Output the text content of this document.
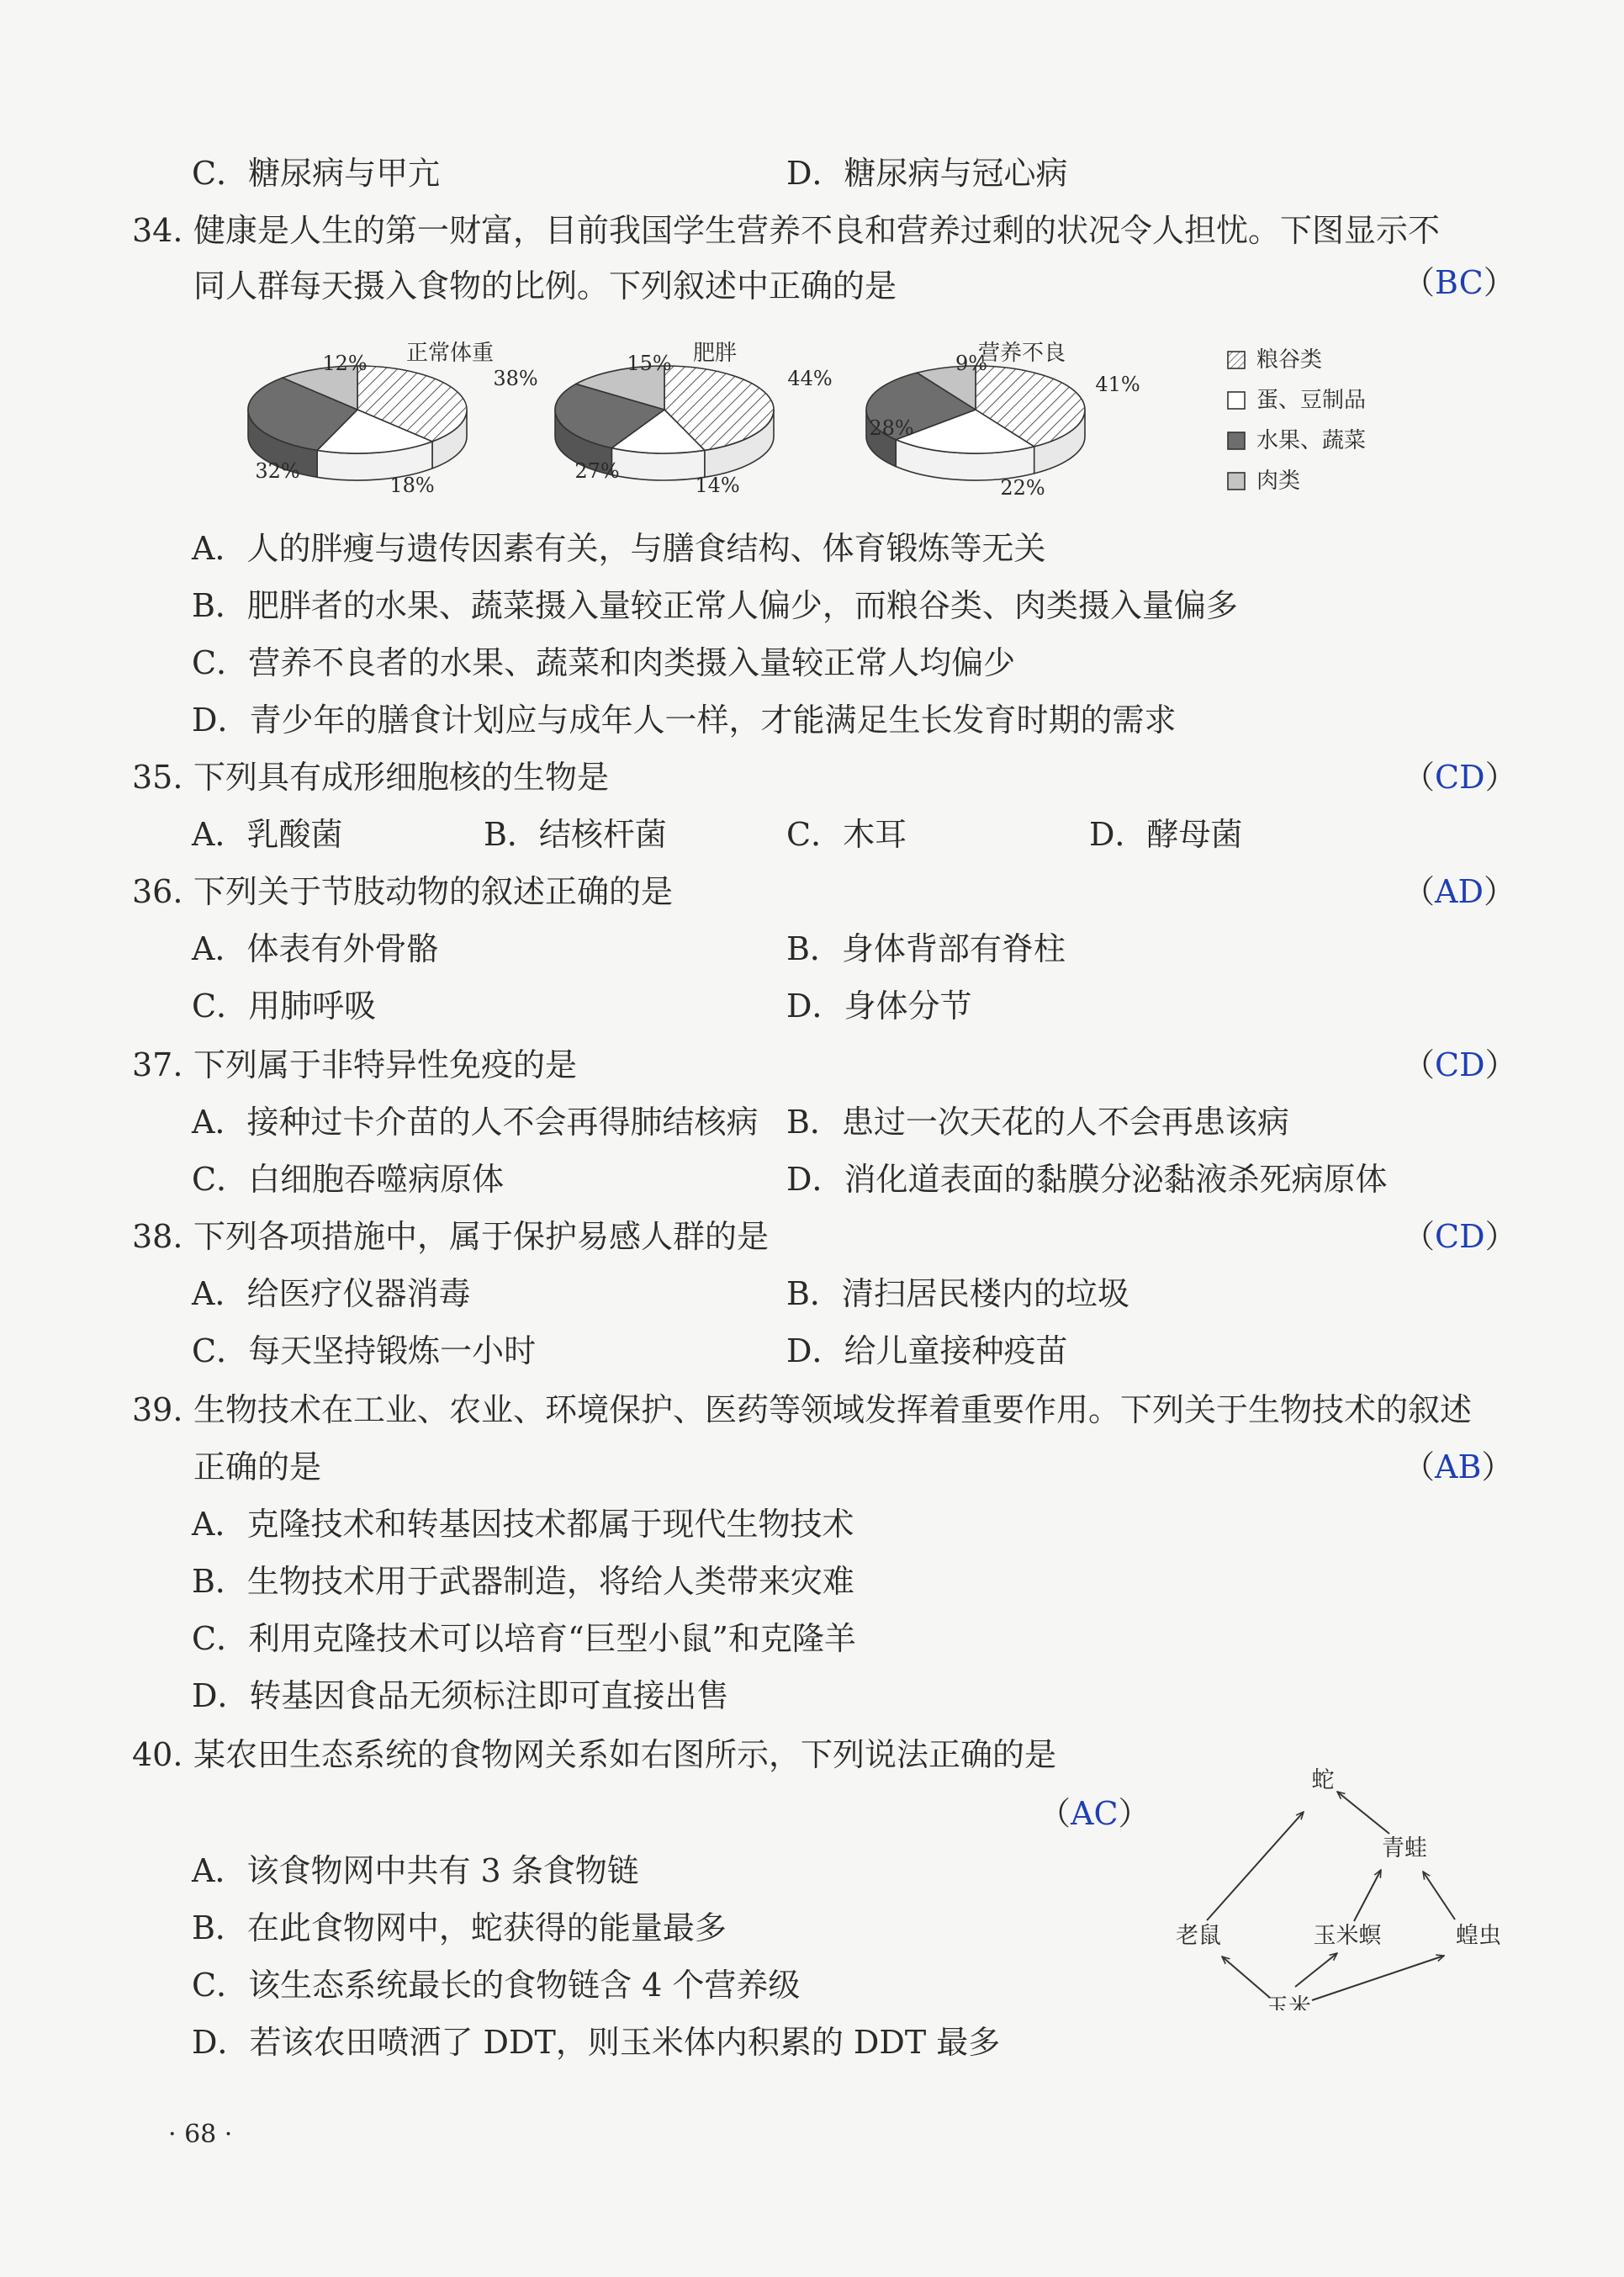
C．糖尿病与甲亢	D．糖尿病与冠心病
34. 健康是人生的第一财富，目前我国学生营养不良和营养过剩的状况令人担忧。下图显示不
同人群每天摄入食物的比例。下列叙述中正确的是	（BC）
正常体重
38%
18%
32%
12%	肥胖
44%
14%
27%
15%	营养不良
41%
22%
28%
9%	粮谷类
蛋、豆制品
水果、蔬菜
肉类
A．人的胖瘦与遗传因素有关，与膳食结构、体育锻炼等无关
B．肥胖者的水果、蔬菜摄入量较正常人偏少，而粮谷类、肉类摄入量偏多
C．营养不良者的水果、蔬菜和肉类摄入量较正常人均偏少
D．青少年的膳食计划应与成年人一样，才能满足生长发育时期的需求
35. 下列具有成形细胞核的生物是	（CD）
A．乳酸菌	B．结核杆菌	C．木耳	D．酵母菌
36. 下列关于节肢动物的叙述正确的是	（AD）
A．体表有外骨骼	B．身体背部有脊柱
C．用肺呼吸	D．身体分节
37. 下列属于非特异性免疫的是	（CD）
A．接种过卡介苗的人不会再得肺结核病 B．患过一次天花的人不会再患该病
C．白细胞吞噬病原体	D．消化道表面的黏膜分泌黏液杀死病原体
38. 下列各项措施中，属于保护易感人群的是	（CD）
A．给医疗仪器消毒	B．清扫居民楼内的垃圾
C．每天坚持锻炼一小时	D．给儿童接种疫苗
39. 生物技术在工业、农业、环境保护、医药等领域发挥着重要作用。下列关于生物技术的叙述
正确的是	（AB）
A．克隆技术和转基因技术都属于现代生物技术
B．生物技术用于武器制造，将给人类带来灾难
C．利用克隆技术可以培育“巨型小鼠”和克隆羊
D．转基因食品无须标注即可直接出售
40. 某农田生态系统的食物网关系如右图所示，下列说法正确的是
（AC）
A．该食物网中共有 3 条食物链
B．在此食物网中，蛇获得的能量最多
C．该生态系统最长的食物链含 4 个营养级
D．若该农田喷洒了 DDT，则玉米体内积累的 DDT 最多
蛇
青蛙
老鼠	玉米螟	蝗虫
玉米
· 68 ·
